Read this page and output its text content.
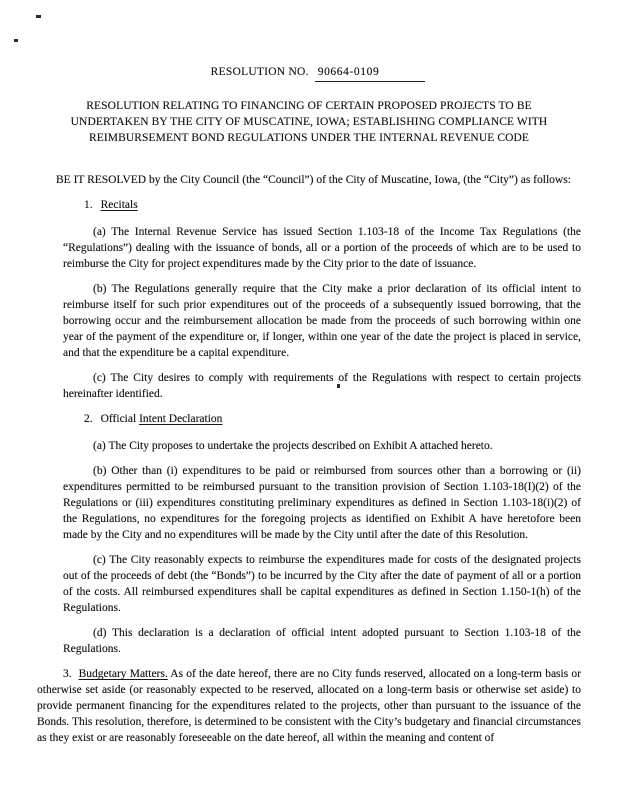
RESOLUTION NO. 90664-0109
RESOLUTION RELATING TO FINANCING OF CERTAIN PROPOSED PROJECTS TO BE
UNDERTAKEN BY THE CITY OF MUSCATINE, IOWA; ESTABLISHING COMPLIANCE WITH
REIMBURSEMENT BOND REGULATIONS UNDER THE INTERNAL REVENUE CODE

BE IT RESOLVED by the City Council (the “Council”) of the City of Muscatine, Iowa, (the “City”) as follows:

1. Recitals

(a) The Internal Revenue Service has issued Section 1.103-18 of the Income Tax Regulations (the “Regulations”) dealing with the issuance of bonds, all or a portion of the proceeds of which are to be used to reimburse the City for project expenditures made by the City prior to the date of issuance.

(b) The Regulations generally require that the City make a prior declaration of its official intent to reimburse itself for such prior expenditures out of the proceeds of a subsequently issued borrowing, that the borrowing occur and the reimbursement allocation be made from the proceeds of such borrowing within one year of the payment of the expenditure or, if longer, within one year of the date the project is placed in service, and that the expenditure be a capital expenditure.

(c) The City desires to comply with requirements of the Regulations with respect to certain projects hereinafter identified.

2. Official Intent Declaration

(a) The City proposes to undertake the projects described on Exhibit A attached hereto.

(b) Other than (i) expenditures to be paid or reimbursed from sources other than a borrowing or (ii) expenditures permitted to be reimbursed pursuant to the transition provision of Section 1.103-18(I)(2) of the Regulations or (iii) expenditures constituting preliminary expenditures as defined in Section 1.103-18(i)(2) of the Regulations, no expenditures for the foregoing projects as identified on Exhibit A have heretofore been made by the City and no expenditures will be made by the City until after the date of this Resolution.

(c) The City reasonably expects to reimburse the expenditures made for costs of the designated projects out of the proceeds of debt (the “Bonds”) to be incurred by the City after the date of payment of all or a portion of the costs. All reimbursed expenditures shall be capital expenditures as defined in Section 1.150-1(h) of the Regulations.

(d) This declaration is a declaration of official intent adopted pursuant to Section 1.103-18 of the Regulations.

3. Budgetary Matters. As of the date hereof, there are no City funds reserved, allocated on a long-term basis or otherwise set aside (or reasonably expected to be reserved, allocated on a long-term basis or otherwise set aside) to provide permanent financing for the expenditures related to the projects, other than pursuant to the issuance of the Bonds. This resolution, therefore, is determined to be consistent with the City’s budgetary and financial circumstances as they exist or are reasonably foreseeable on the date hereof, all within the meaning and content of
